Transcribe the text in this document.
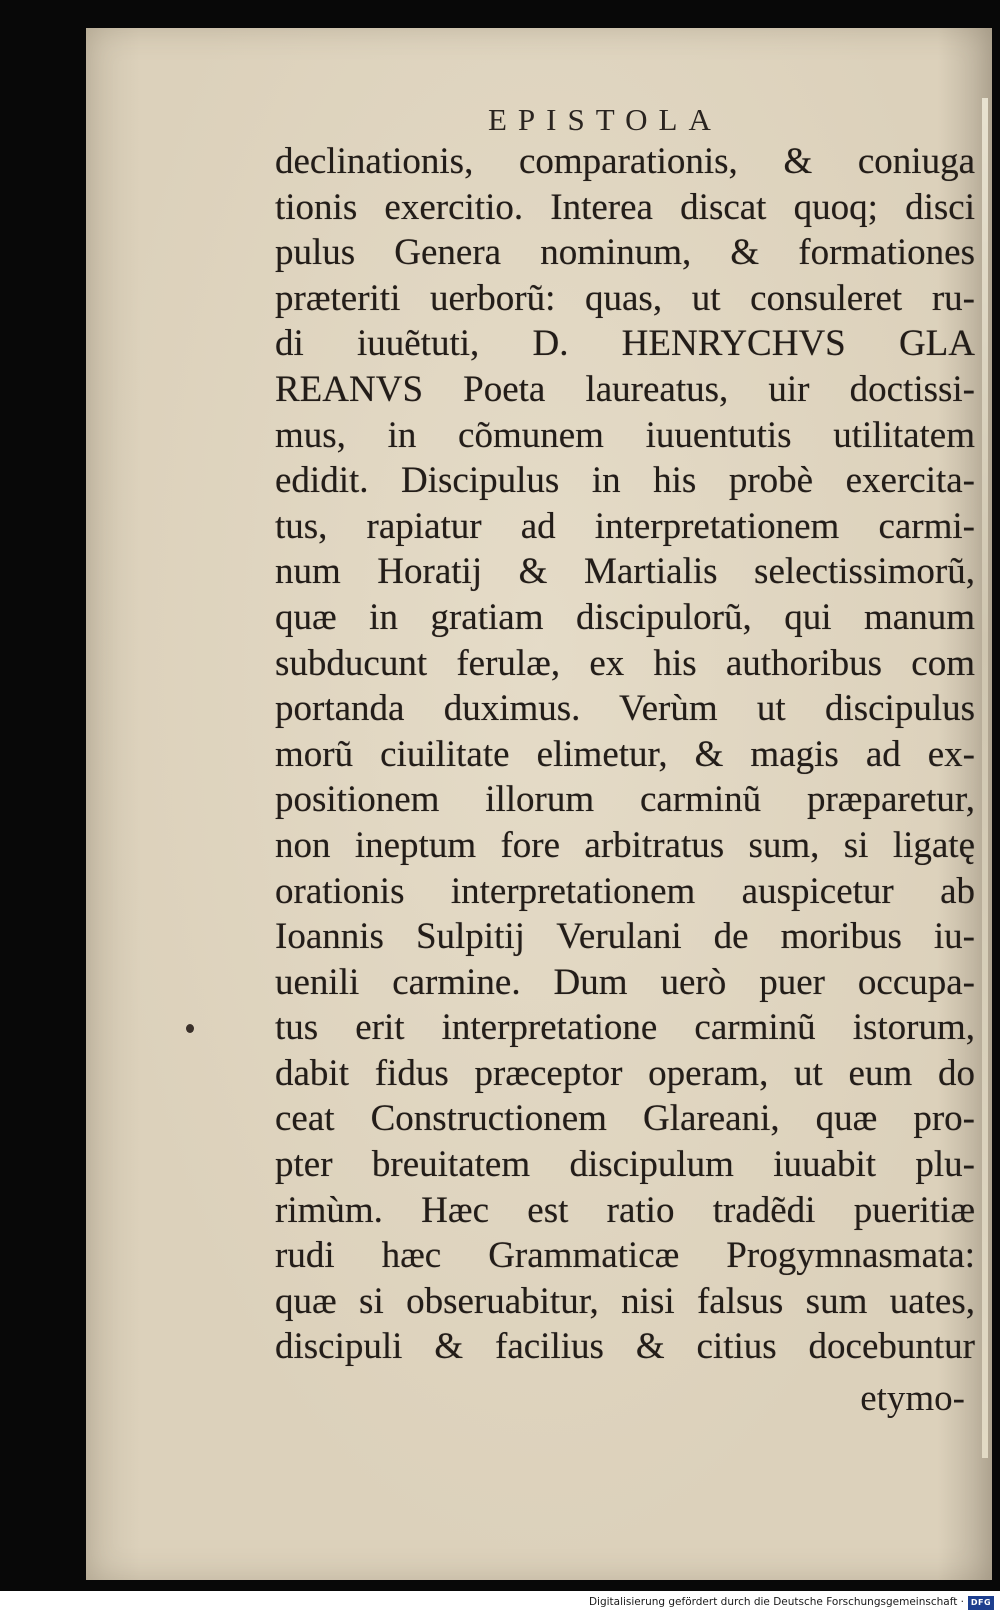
EPISTOLA
declinationis, comparationis, & coniuga
tionis exercitio. Interea discat quoq; disci
pulus Genera nominum, & formationes
præteriti uerborũ: quas, ut consuleret ru-
di iuuẽtuti, D. HENRYCHVS GLA
REANVS Poeta laureatus, uir doctissi-
mus, in cõmunem iuuentutis utilitatem
edidit. Discipulus in his probè exercita-
tus, rapiatur ad interpretationem carmi-
num Horatij & Martialis selectissimorũ,
quæ in gratiam discipulorũ, qui manum
subducunt ferulæ, ex his authoribus com
portanda duximus. Verùm ut discipulus
morũ ciuilitate elimetur, & magis ad ex-
positionem illorum carminũ præparetur,
non ineptum fore arbitratus sum, si ligatę
orationis interpretationem auspicetur ab
Ioannis Sulpitij Verulani de moribus iu-
uenili carmine. Dum uerò puer occupa-
tus erit interpretatione carminũ istorum,
dabit fidus præceptor operam, ut eum do
ceat Constructionem Glareani, quæ pro-
pter breuitatem discipulum iuuabit plu-
rimùm. Hæc est ratio tradẽdi pueritiæ
rudi hæc Grammaticæ Progymnasmata:
quæ si obseruabitur, nisi falsus sum uates,
discipuli & facilius & citius docebuntur
etymo-
Digitalisierung gefördert durch die Deutsche Forschungsgemeinschaft · DFG
